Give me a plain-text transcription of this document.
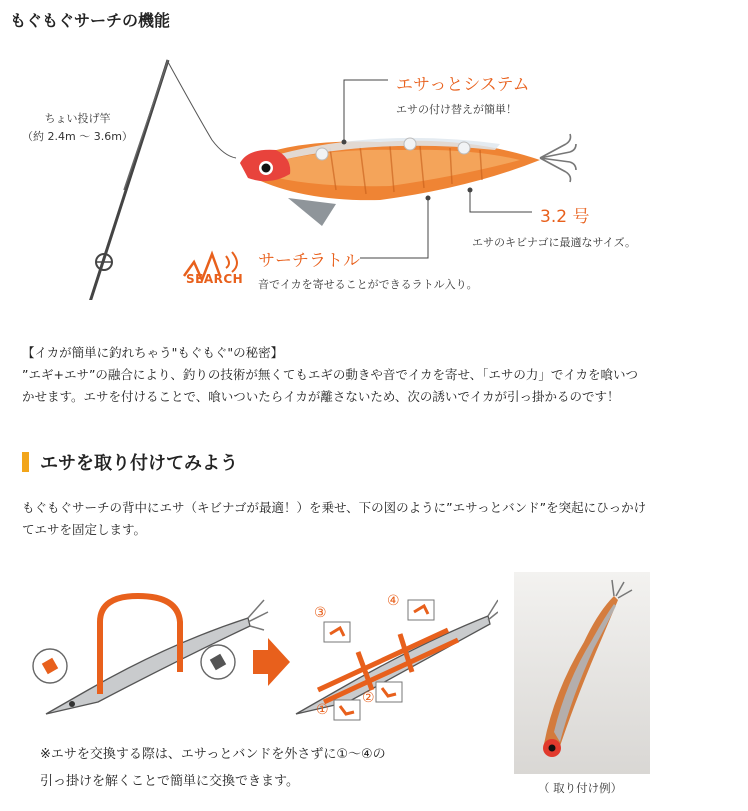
もぐもぐサーチの機能
ちょい投げ竿
（約 2.4m 〜 3.6m）
エサっとシステム
エサの付け替えが簡単！
3.2 号
エサのキビナゴに最適なサイズ。
サーチラトル
音でイカを寄せることができるラトル入り。
SEARCH

【イカが簡単に釣れちゃう"もぐもぐ"の秘密】

”エギ+エサ”の融合により、釣りの技術が無くてもエギの動きや音でイカを寄せ、「エサの力」でイカを喰いつ

かせます。エサを付けることで、喰いついたらイカが離さないため、次の誘いでイカが引っ掛かるのです！

エサを取り付けてみよう
もぐもぐサーチの背中にエサ（キビナゴが最適！）を乗せ、下の図のように”エサっとバンド”を突起にひっかけ
てエサを固定します。
③
④
①
②

※エサを交換する際は、エサっとバンドを外さずに①〜④の

引っ掛けを解くことで簡単に交換できます。	（ 取り付け例）
